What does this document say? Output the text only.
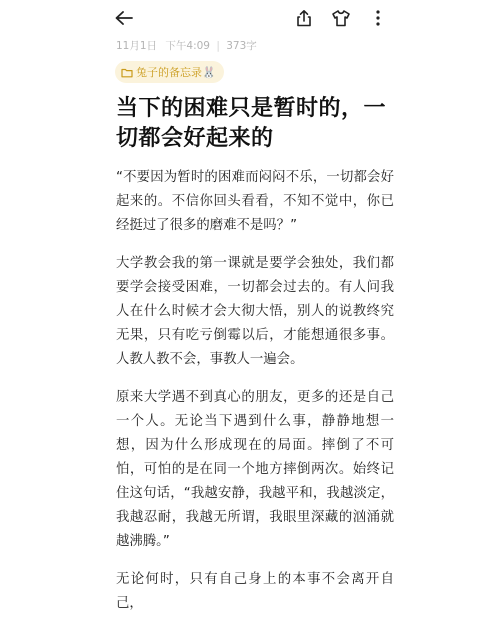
11月1日 下午4:09 | 373字
兔子的备忘录🐰
当下的困难只是暂时的，一切都会好起来的

“不要因为暂时的困难而闷闷不乐，一切都会好起来的。不信你回头看看，不知不觉中，你已经挺过了很多的磨难不是吗？”

大学教会我的第一课就是要学会独处，我们都要学会接受困难，一切都会过去的。有人问我人在什么时候才会大彻大悟，别人的说教终究无果，只有吃亏倒霉以后，才能想通很多事。人教人教不会，事教人一遍会。

原来大学遇不到真心的朋友，更多的还是自己一个人。无论当下遇到什么事，静静地想一想，因为什么形成现在的局面。摔倒了不可怕，可怕的是在同一个地方摔倒两次。始终记住这句话，“我越安静，我越平和，我越淡定，我越忍耐，我越无所谓，我眼里深藏的汹涌就越沸腾。”

无论何时，只有自己身上的本事不会离开自己，
